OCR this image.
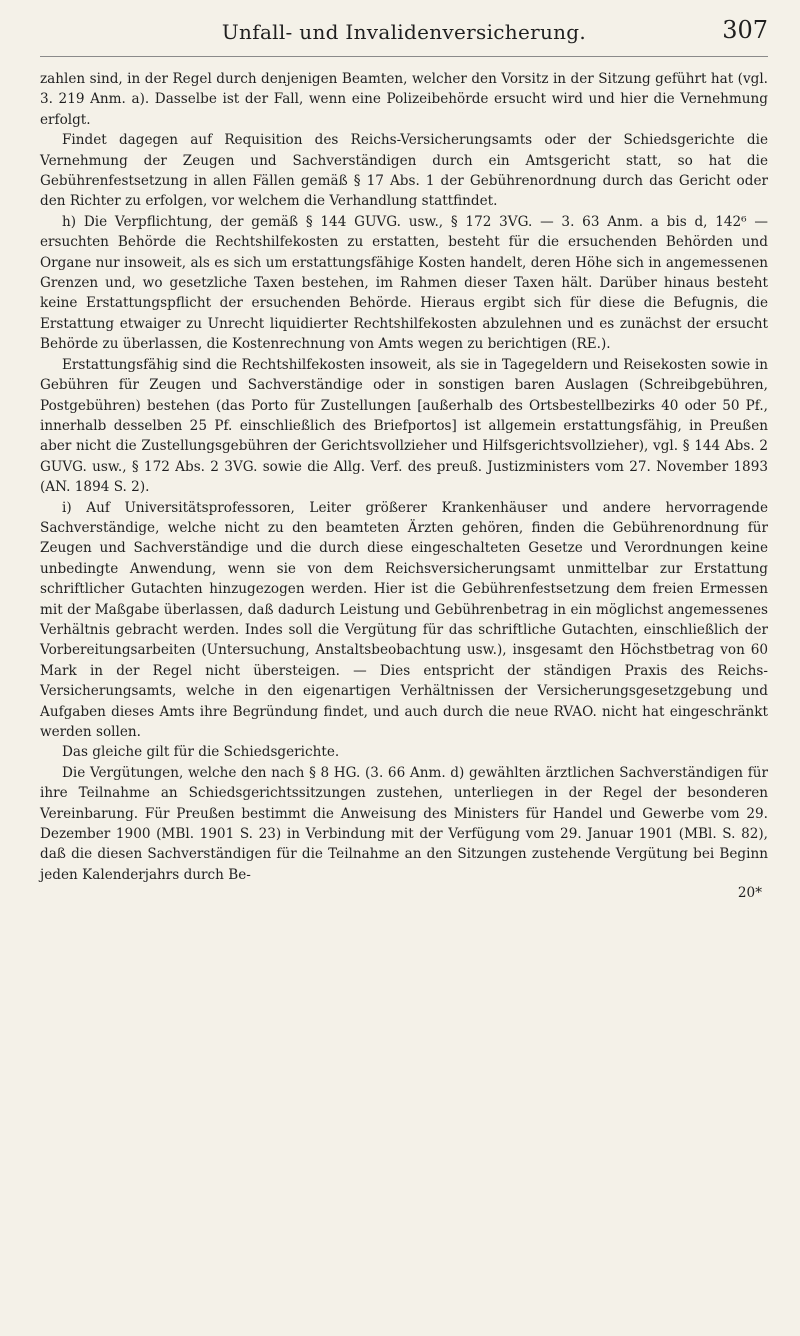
Unfall- und Invalidenversicherung.	307

zahlen sind, in der Regel durch denjenigen Beamten, welcher den Vorsitz in der Sitzung geführt hat (vgl. 3. 219 Anm. a). Dasselbe ist der Fall, wenn eine Polizeibehörde ersucht wird und hier die Vernehmung erfolgt.

Findet dagegen auf Requisition des Reichs-Versicherungsamts oder der Schiedsgerichte die Vernehmung der Zeugen und Sachverständigen durch ein Amtsgericht statt, so hat die Gebührenfestsetzung in allen Fällen gemäß § 17 Abs. 1 der Gebührenordnung durch das Gericht oder den Richter zu erfolgen, vor welchem die Verhandlung stattfindet.

h) Die Verpflichtung, der gemäß § 144 GUVG. usw., § 172 3VG. — 3. 63 Anm. a bis d, 142⁶ — ersuchten Behörde die Rechtshilfekosten zu erstatten, besteht für die ersuchenden Behörden und Organe nur insoweit, als es sich um erstattungsfähige Kosten handelt, deren Höhe sich in angemessenen Grenzen und, wo gesetzliche Taxen bestehen, im Rahmen dieser Taxen hält. Darüber hinaus besteht keine Erstattungspflicht der ersuchenden Behörde. Hieraus ergibt sich für diese die Befugnis, die Erstattung etwaiger zu Unrecht liquidierter Rechtshilfekosten abzulehnen und es zunächst der ersucht Behörde zu überlassen, die Kostenrechnung von Amts wegen zu berichtigen (RE.).

Erstattungsfähig sind die Rechtshilfekosten insoweit, als sie in Tagegeldern und Reisekosten sowie in Gebühren für Zeugen und Sachverständige oder in sonstigen baren Auslagen (Schreibgebühren, Postgebühren) bestehen (das Porto für Zustellungen [außerhalb des Ortsbestellbezirks 40 oder 50 Pf., innerhalb desselben 25 Pf. einschließlich des Briefportos] ist allgemein erstattungsfähig, in Preußen aber nicht die Zustellungsgebühren der Gerichtsvollzieher und Hilfsgerichtsvollzieher), vgl. § 144 Abs. 2 GUVG. usw., § 172 Abs. 2 3VG. sowie die Allg. Verf. des preuß. Justizministers vom 27. November 1893 (AN. 1894 S. 2).

i) Auf Universitätsprofessoren, Leiter größerer Krankenhäuser und andere hervorragende Sachverständige, welche nicht zu den beamteten Ärzten gehören, finden die Gebührenordnung für Zeugen und Sachverständige und die durch diese eingeschalteten Gesetze und Verordnungen keine unbedingte Anwendung, wenn sie von dem Reichsversicherungsamt unmittelbar zur Erstattung schriftlicher Gutachten hinzugezogen werden. Hier ist die Gebührenfestsetzung dem freien Ermessen mit der Maßgabe überlassen, daß dadurch Leistung und Gebührenbetrag in ein möglichst angemessenes Verhältnis gebracht werden. Indes soll die Vergütung für das schriftliche Gutachten, einschließlich der Vorbereitungsarbeiten (Untersuchung, Anstaltsbeobachtung usw.), insgesamt den Höchstbetrag von 60 Mark in der Regel nicht übersteigen. — Dies entspricht der ständigen Praxis des Reichs-Versicherungsamts, welche in den eigenartigen Verhältnissen der Versicherungsgesetzgebung und Aufgaben dieses Amts ihre Begründung findet, und auch durch die neue RVAO. nicht hat eingeschränkt werden sollen.

Das gleiche gilt für die Schiedsgerichte.

Die Vergütungen, welche den nach § 8 HG. (3. 66 Anm. d) gewählten ärztlichen Sachverständigen für ihre Teilnahme an Schiedsgerichtssitzungen zustehen, unterliegen in der Regel der besonderen Vereinbarung. Für Preußen bestimmt die Anweisung des Ministers für Handel und Gewerbe vom 29. Dezember 1900 (MBl. 1901 S. 23) in Verbindung mit der Verfügung vom 29. Januar 1901 (MBl. S. 82), daß die diesen Sachverständigen für die Teilnahme an den Sitzungen zustehende Vergütung bei Beginn jeden Kalenderjahrs durch Be-

20*
